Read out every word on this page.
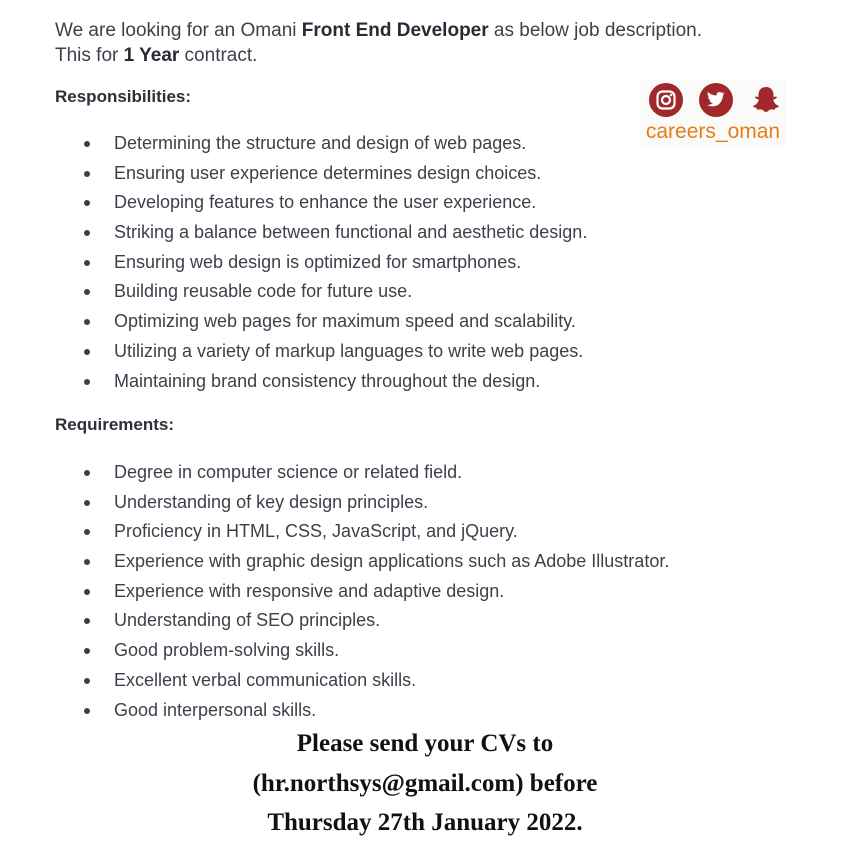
We are looking for an Omani Front End Developer as below job description.
This for 1 Year contract.
Responsibilities:
Determining the structure and design of web pages.
Ensuring user experience determines design choices.
Developing features to enhance the user experience.
Striking a balance between functional and aesthetic design.
Ensuring web design is optimized for smartphones.
Building reusable code for future use.
Optimizing web pages for maximum speed and scalability.
Utilizing a variety of markup languages to write web pages.
Maintaining brand consistency throughout the design.
Requirements:
Degree in computer science or related field.
Understanding of key design principles.
Proficiency in HTML, CSS, JavaScript, and jQuery.
Experience with graphic design applications such as Adobe Illustrator.
Experience with responsive and adaptive design.
Understanding of SEO principles.
Good problem-solving skills.
Excellent verbal communication skills.
Good interpersonal skills.
careers_oman
Please send your CVs to
(hr.northsys@gmail.com) before
Thursday 27th January 2022.
